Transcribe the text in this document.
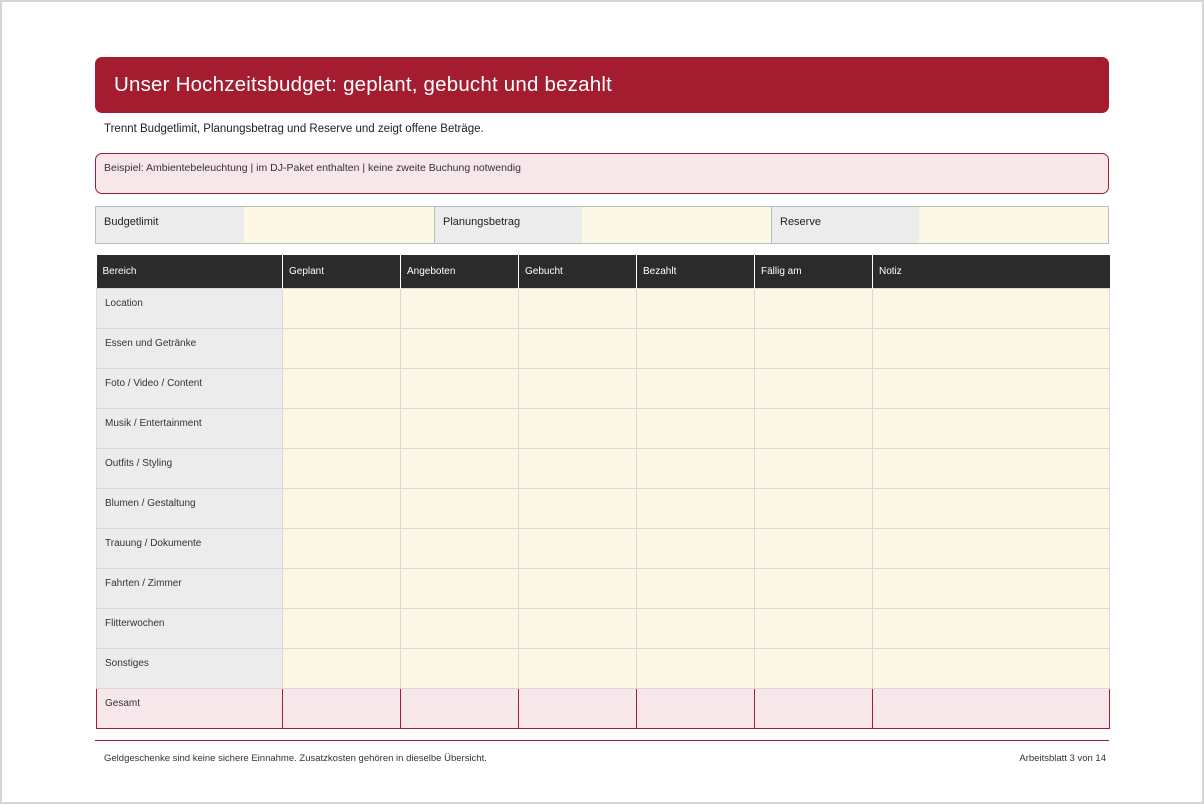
Unser Hochzeitsbudget: geplant, gebucht und bezahlt
Trennt Budgetlimit, Planungsbetrag und Reserve und zeigt offene Beträge.
Beispiel: Ambientebeleuchtung | im DJ-Paket enthalten | keine zweite Buchung notwendig
Budgetlimit	Planungsbetrag	Reserve
Bereich	Geplant	Angeboten	Gebucht	Bezahlt	Fällig am	Notiz
Location						
Essen und Getränke						
Foto / Video / Content						
Musik / Entertainment						
Outfits / Styling						
Blumen / Gestaltung						
Trauung / Dokumente						
Fahrten / Zimmer						
Flitterwochen						
Sonstiges						
Gesamt						
Geldgeschenke sind keine sichere Einnahme. Zusatzkosten gehören in dieselbe Übersicht.	Arbeitsblatt 3 von 14
